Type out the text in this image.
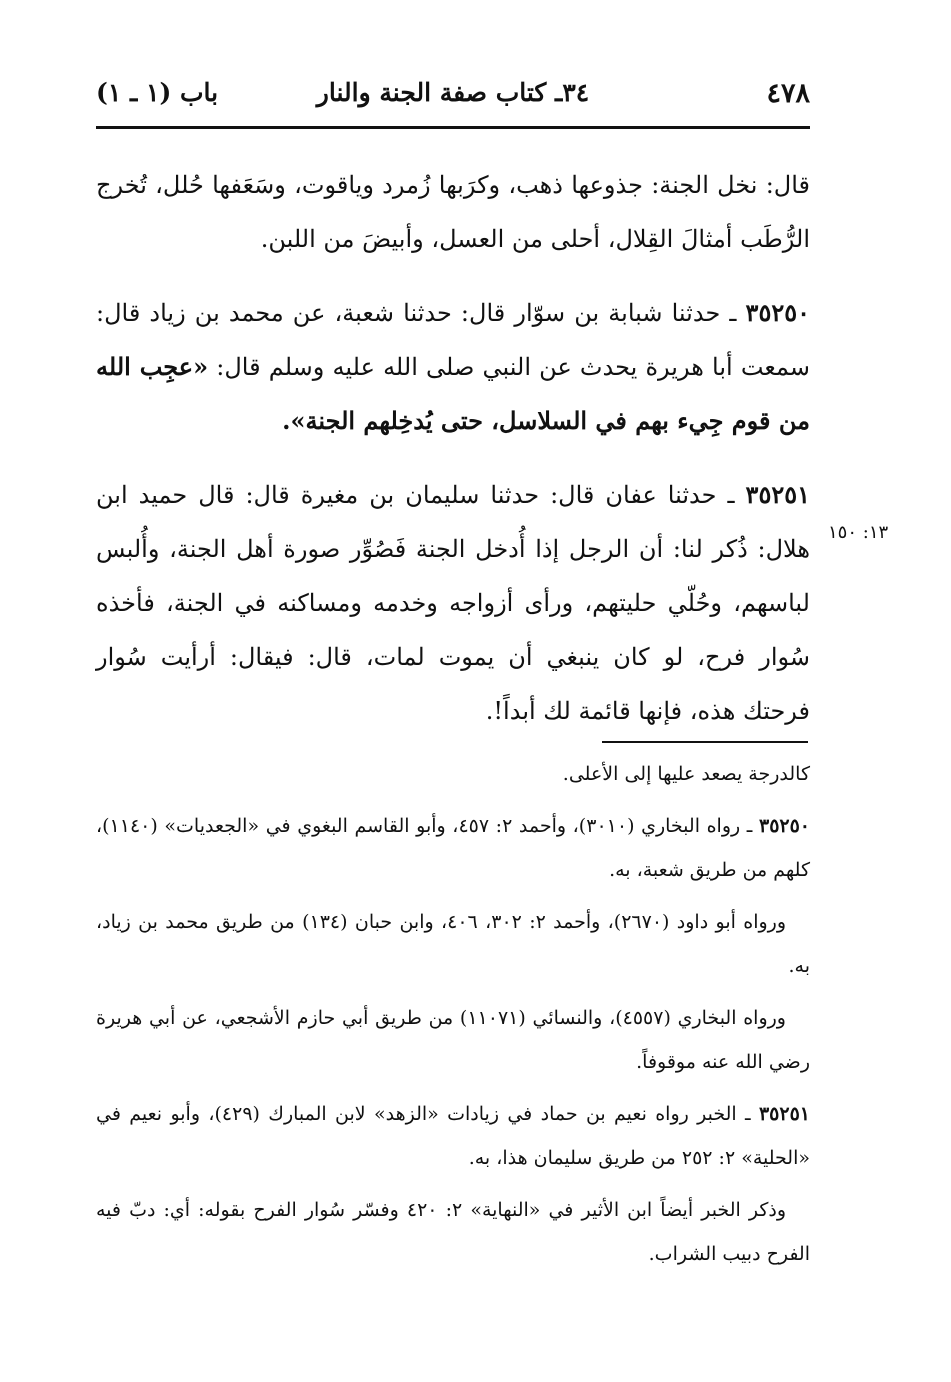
٤٧٨
٣٤ـ كتاب صفة الجنة والنار
باب (١ ـ ١)

قال: نخل الجنة: جذوعها ذهب، وكرَبها زُمرد وياقوت، وسَعَفها حُلل، تُخرج الرُّطَب أمثالَ القِلال، أحلى من العسل، وأبيضَ من اللبن.

٣٥٢٥٠ ـ حدثنا شبابة بن سوّار قال: حدثنا شعبة، عن محمد بن زياد قال: سمعت أبا هريرة يحدث عن النبي صلى الله عليه وسلم قال: «عجِب الله من قوم جِيء بهم في السلاسل، حتى يُدخِلهم الجنة».

٣٥٢٥١ ـ حدثنا عفان قال: حدثنا سليمان بن مغيرة قال: قال حميد ابن هلال: ذُكر لنا: أن الرجل إذا أُدخل الجنة فَصُوِّر صورة أهل الجنة، وأُلبس لباسهم، وحُلّي حليتهم، ورأى أزواجه وخدمه ومساكنه في الجنة، فأخذه سُوار فرح، لو كان ينبغي أن يموت لمات، قال: فيقال: أرأيت سُوار فرحتك هذه، فإنها قائمة لك أبداً!.

١٣: ١٥٠

كالدرجة يصعد عليها إلى الأعلى.

٣٥٢٥٠ ـ رواه البخاري (٣٠١٠)، وأحمد ٢: ٤٥٧، وأبو القاسم البغوي في «الجعديات» (١١٤٠)، كلهم من طريق شعبة، به.

ورواه أبو داود (٢٦٧٠)، وأحمد ٢: ٣٠٢، ٤٠٦، وابن حبان (١٣٤) من طريق محمد بن زياد، به.

ورواه البخاري (٤٥٥٧)، والنسائي (١١٠٧١) من طريق أبي حازم الأشجعي، عن أبي هريرة رضي الله عنه موقوفاً.

٣٥٢٥١ ـ الخبر رواه نعيم بن حماد في زيادات «الزهد» لابن المبارك (٤٢٩)، وأبو نعيم في «الحلية» ٢: ٢٥٢ من طريق سليمان هذا، به.

وذكر الخبر أيضاً ابن الأثير في «النهاية» ٢: ٤٢٠ وفسّر سُوار الفرح بقوله: أي: دبّ فيه الفرح دبيب الشراب.
